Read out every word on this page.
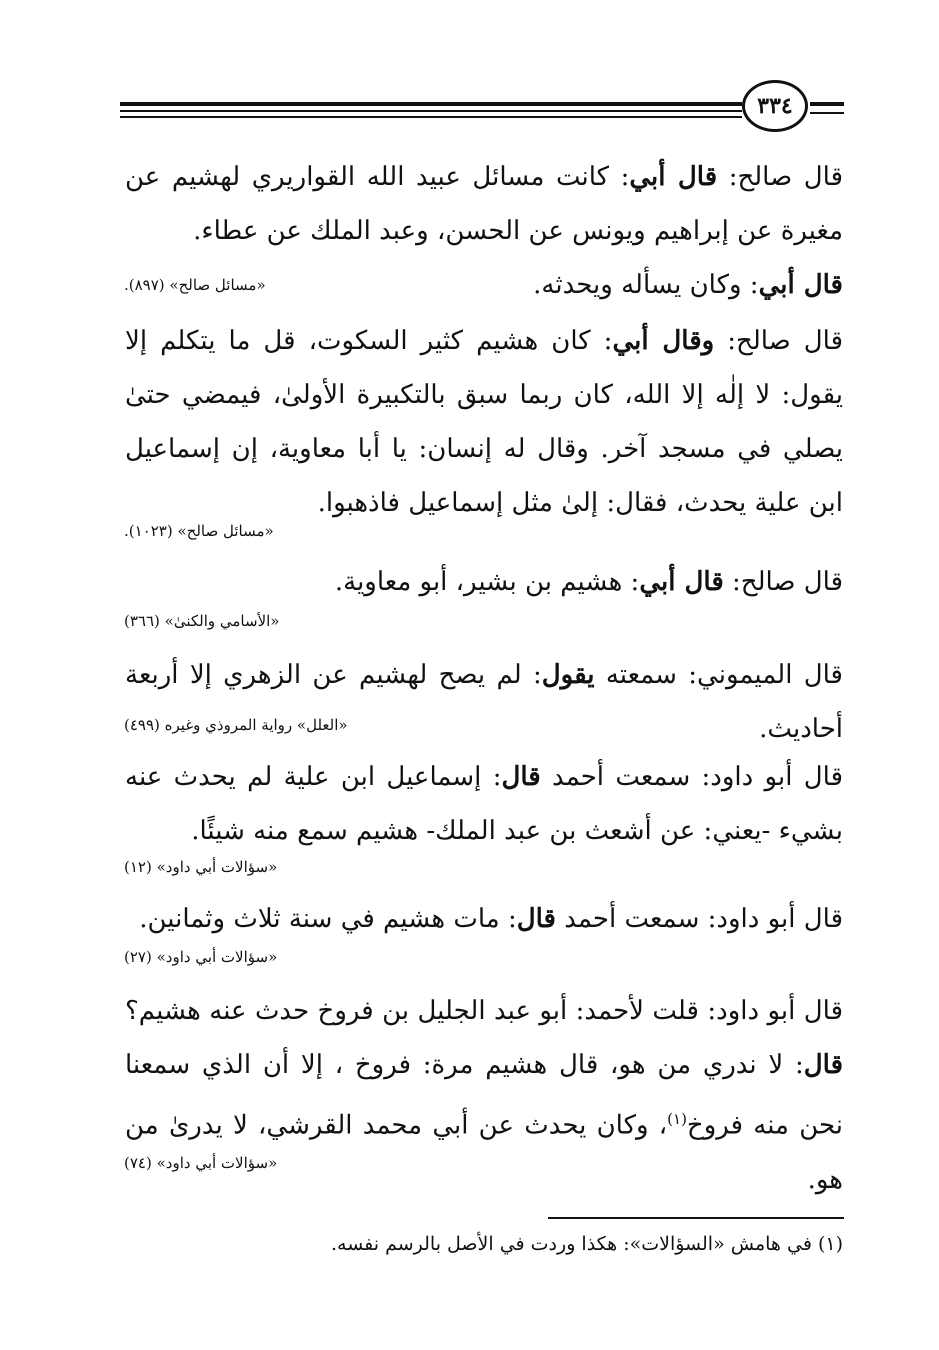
٣٣٤

قال صالح: قال أبي: كانت مسائل عبيد الله القواريري لهشيم عن مغيرة عن إبراهيم ويونس عن الحسن، وعبد الملك عن عطاء.

قال أبي: وكان يسأله ويحدثه.

«مسائل صالح» (٨٩٧).

قال صالح: وقال أبي: كان هشيم كثير السكوت، قل ما يتكلم إلا يقول: لا إلٰه إلا الله، كان ربما سبق بالتكبيرة الأولىٰ، فيمضي حتىٰ يصلي في مسجد آخر. وقال له إنسان: يا أبا معاوية، إن إسماعيل ابن علية يحدث، فقال: إلىٰ مثل إسماعيل فاذهبوا.

«مسائل صالح» (١٠٢٣).

قال صالح: قال أبي: هشيم بن بشير، أبو معاوية.

«الأسامي والكنىٰ» (٣٦٦)

قال الميموني: سمعته يقول: لم يصح لهشيم عن الزهري إلا أربعة أحاديث.

«العلل» رواية المروذي وغيره (٤٩٩)

قال أبو داود: سمعت أحمد قال: إسماعيل ابن علية لم يحدث عنه بشيء -يعني: عن أشعث بن عبد الملك- هشيم سمع منه شيئًا.

«سؤالات أبي داود» (١٢)

قال أبو داود: سمعت أحمد قال: مات هشيم في سنة ثلاث وثمانين.

«سؤالات أبي داود» (٢٧)

قال أبو داود: قلت لأحمد: أبو عبد الجليل بن فروخ حدث عنه هشيم؟ قال: لا ندري من هو، قال هشيم مرة: فروخ ، إلا أن الذي سمعنا نحن منه فروخ$^{(١)}$، وكان يحدث عن أبي محمد القرشي، لا يدرىٰ من هو.

«سؤالات أبي داود» (٧٤)
(١) في هامش «السؤالات»: هكذا وردت في الأصل بالرسم نفسه.
